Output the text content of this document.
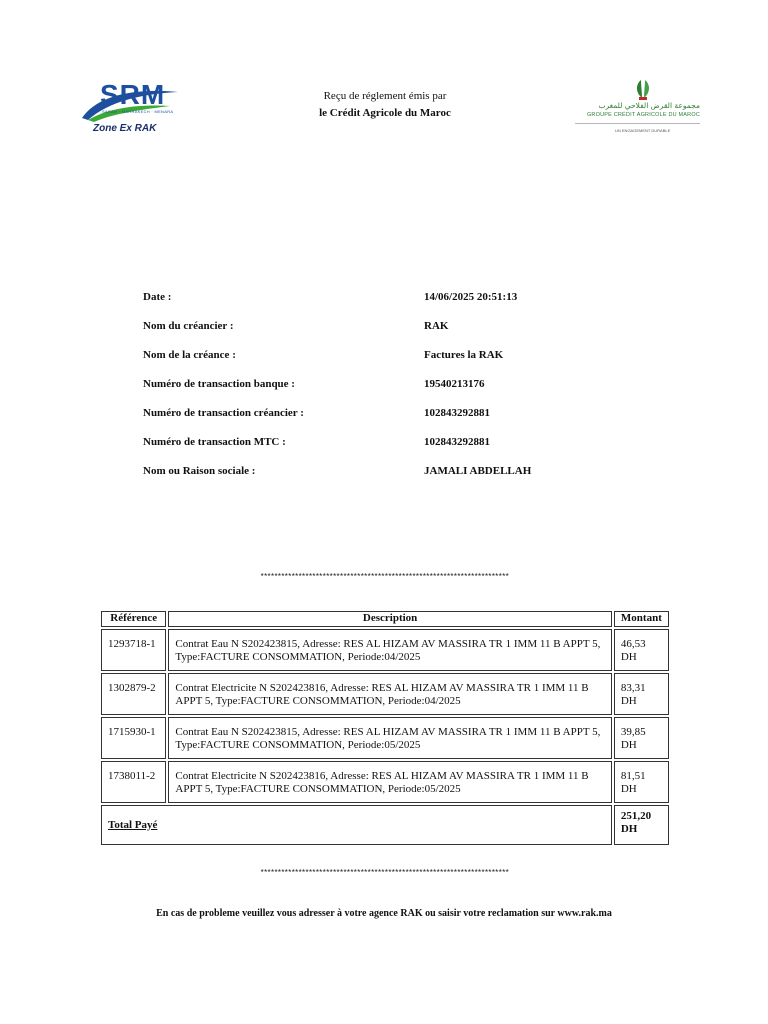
SRM
SARAH · MARRAKECH · MENARA
Zone Ex RAK
Reçu de réglement émis par
le Crédit Agricole du Maroc
مجموعة القرض الفلاحي للمغرب
GROUPE CRÉDIT AGRICOLE DU MAROC
UN ENGAGEMENT DURABLE
Date :	14/06/2025 20:51:13
Nom du créancier :	RAK
Nom de la créance :	Factures la RAK
Numéro de transaction banque :	19540213176
Numéro de transaction créancier :	102843292881
Numéro de transaction MTC :	102843292881
Nom ou Raison sociale :	JAMALI ABDELLAH
************************************************************************
Référence	Description	Montant
1293718-1	Contrat Eau N S202423815, Adresse: RES AL HIZAM AV MASSIRA TR 1 IMM 11 B APPT 5, Type:FACTURE CONSOMMATION, Periode:04/2025	46,53 DH
1302879-2	Contrat Electricite N S202423816, Adresse: RES AL HIZAM AV MASSIRA TR 1 IMM 11 B APPT 5, Type:FACTURE CONSOMMATION, Periode:04/2025	83,31 DH
1715930-1	Contrat Eau N S202423815, Adresse: RES AL HIZAM AV MASSIRA TR 1 IMM 11 B APPT 5, Type:FACTURE CONSOMMATION, Periode:05/2025	39,85 DH
1738011-2	Contrat Electricite N S202423816, Adresse: RES AL HIZAM AV MASSIRA TR 1 IMM 11 B APPT 5, Type:FACTURE CONSOMMATION, Periode:05/2025	81,51 DH
Total Payé		251,20 DH
************************************************************************
En cas de probleme veuillez vous adresser à votre agence RAK ou saisir votre reclamation sur www.rak.ma
